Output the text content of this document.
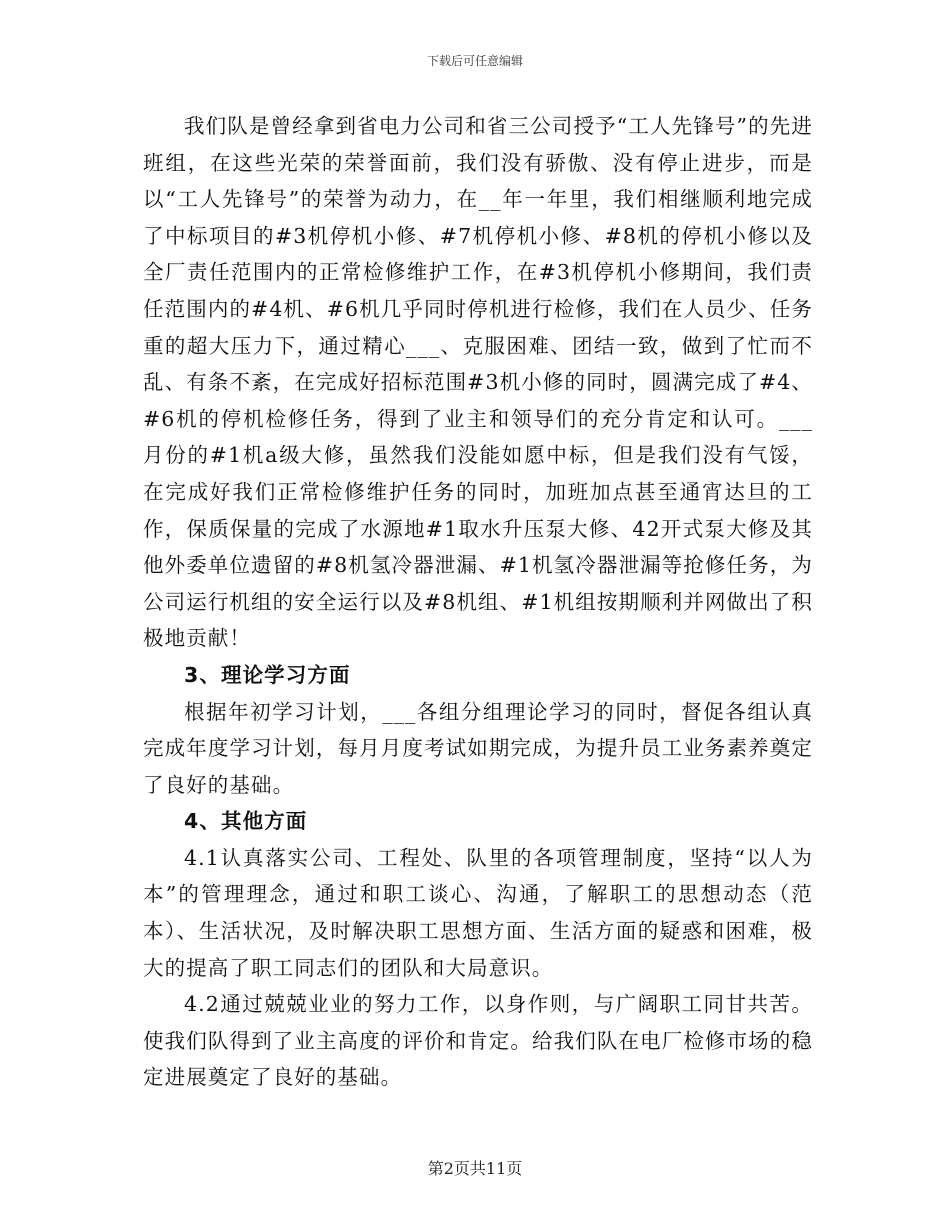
下载后可任意编辑

我们队是曾经拿到省电力公司和省三公司授予“工人先锋号”的先进班组，在这些光荣的荣誉面前，我们没有骄傲、没有停止进步，而是以“工人先锋号”的荣誉为动力，在__年一年里，我们相继顺利地完成了中标项目的#3机停机小修、#7机停机小修、#8机的停机小修以及全厂责任范围内的正常检修维护工作，在#3机停机小修期间，我们责任范围内的#4机、#6机几乎同时停机进行检修，我们在人员少、任务重的超大压力下，通过精心___、克服困难、团结一致，做到了忙而不乱、有条不紊，在完成好招标范围#3机小修的同时，圆满完成了#4、#6机的停机检修任务，得到了业主和领导们的充分肯定和认可。___月份的#1机a级大修，虽然我们没能如愿中标，但是我们没有气馁，在完成好我们正常检修维护任务的同时，加班加点甚至通宵达旦的工作，保质保量的完成了水源地#1取水升压泵大修、42开式泵大修及其他外委单位遗留的#8机氢冷器泄漏、#1机氢冷器泄漏等抢修任务，为公司运行机组的安全运行以及#8机组、#1机组按期顺利并网做出了积极地贡献！

3、理论学习方面

根据年初学习计划，___各组分组理论学习的同时，督促各组认真完成年度学习计划，每月月度考试如期完成，为提升员工业务素养奠定了良好的基础。

4、其他方面

4.1认真落实公司、工程处、队里的各项管理制度，坚持“以人为本”的管理理念，通过和职工谈心、沟通，了解职工的思想动态（范本）、生活状况，及时解决职工思想方面、生活方面的疑惑和困难，极大的提高了职工同志们的团队和大局意识。

4.2通过兢兢业业的努力工作，以身作则，与广阔职工同甘共苦。使我们队得到了业主高度的评价和肯定。给我们队在电厂检修市场的稳定进展奠定了良好的基础。

第2页共11页
